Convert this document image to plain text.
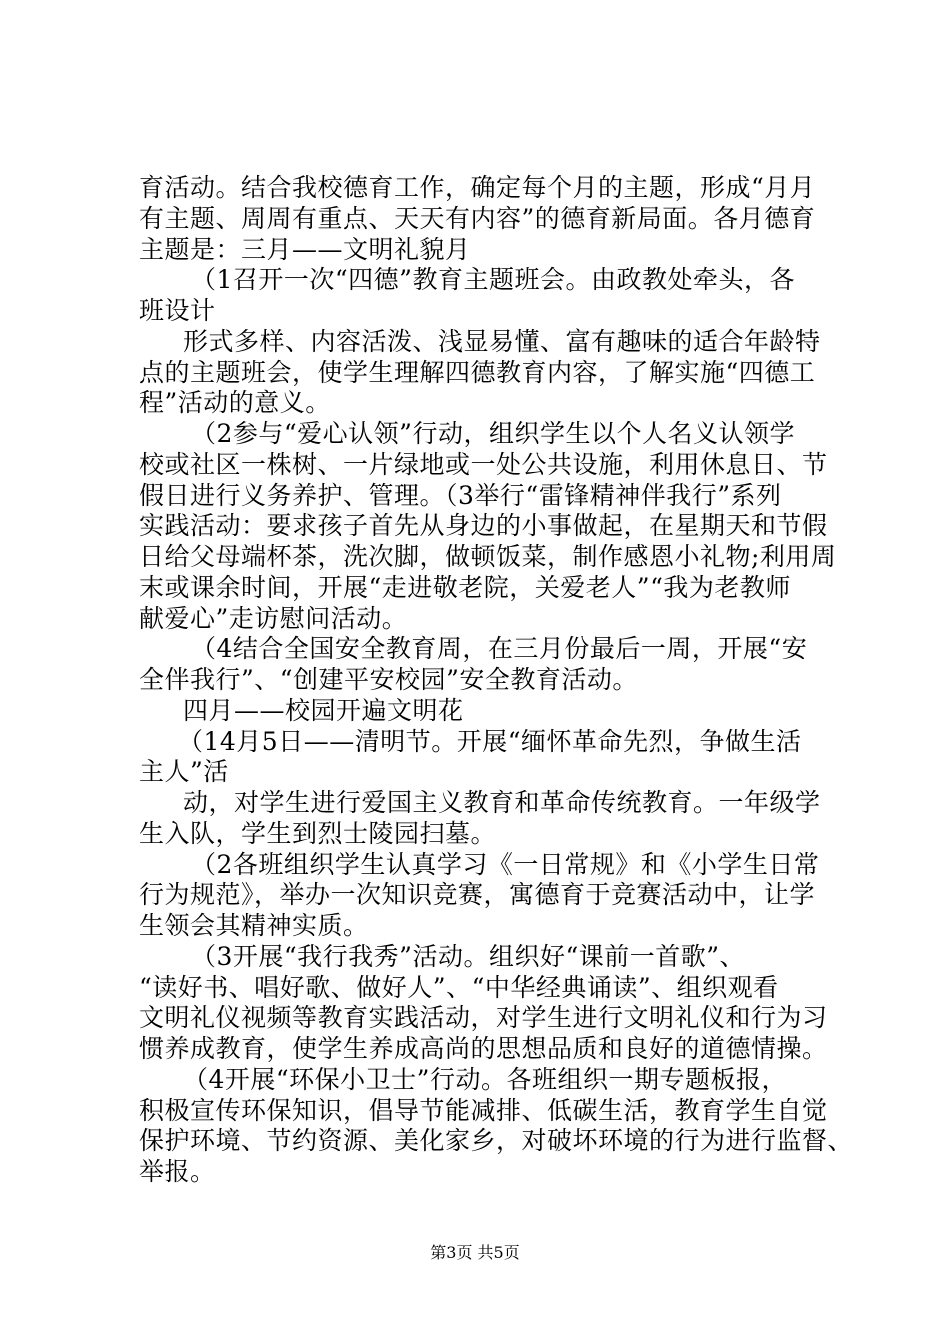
育活动。结合我校德育工作，确定每个月的主题，形成“月月
有主题、周周有重点、天天有内容”的德育新局面。各月德育
主题是：三月——文明礼貌月
（1召开一次“四德”教育主题班会。由政教处牵头，各
班设计
形式多样、内容活泼、浅显易懂、富有趣味的适合年龄特
点的主题班会，使学生理解四德教育内容，了解实施“四德工
程”活动的意义。
（2参与“爱心认领”行动，组织学生以个人名义认领学
校或社区一株树、一片绿地或一处公共设施，利用休息日、节
假日进行义务养护、管理。（3举行“雷锋精神伴我行”系列
实践活动：要求孩子首先从身边的小事做起，在星期天和节假
日给父母端杯茶，洗次脚，做顿饭菜，制作感恩小礼物;利用周
末或课余时间，开展“走进敬老院，关爱老人”“我为老教师
献爱心”走访慰问活动。
（4结合全国安全教育周，在三月份最后一周，开展“安
全伴我行”、“创建平安校园”安全教育活动。
四月——校园开遍文明花
（14月5日——清明节。开展“缅怀革命先烈，争做生活
主人”活
动，对学生进行爱国主义教育和革命传统教育。一年级学
生入队，学生到烈士陵园扫墓。
（2各班组织学生认真学习《一日常规》和《小学生日常
行为规范》，举办一次知识竞赛，寓德育于竞赛活动中，让学
生领会其精神实质。
（3开展“我行我秀”活动。组织好“课前一首歌”、
“读好书、唱好歌、做好人”、“中华经典诵读”、组织观看
文明礼仪视频等教育实践活动，对学生进行文明礼仪和行为习
惯养成教育，使学生养成高尚的思想品质和良好的道德情操。
（4开展“环保小卫士”行动。各班组织一期专题板报，
积极宣传环保知识，倡导节能减排、低碳生活，教育学生自觉
保护环境、节约资源、美化家乡，对破坏环境的行为进行监督、
举报。
第3页 共5页
